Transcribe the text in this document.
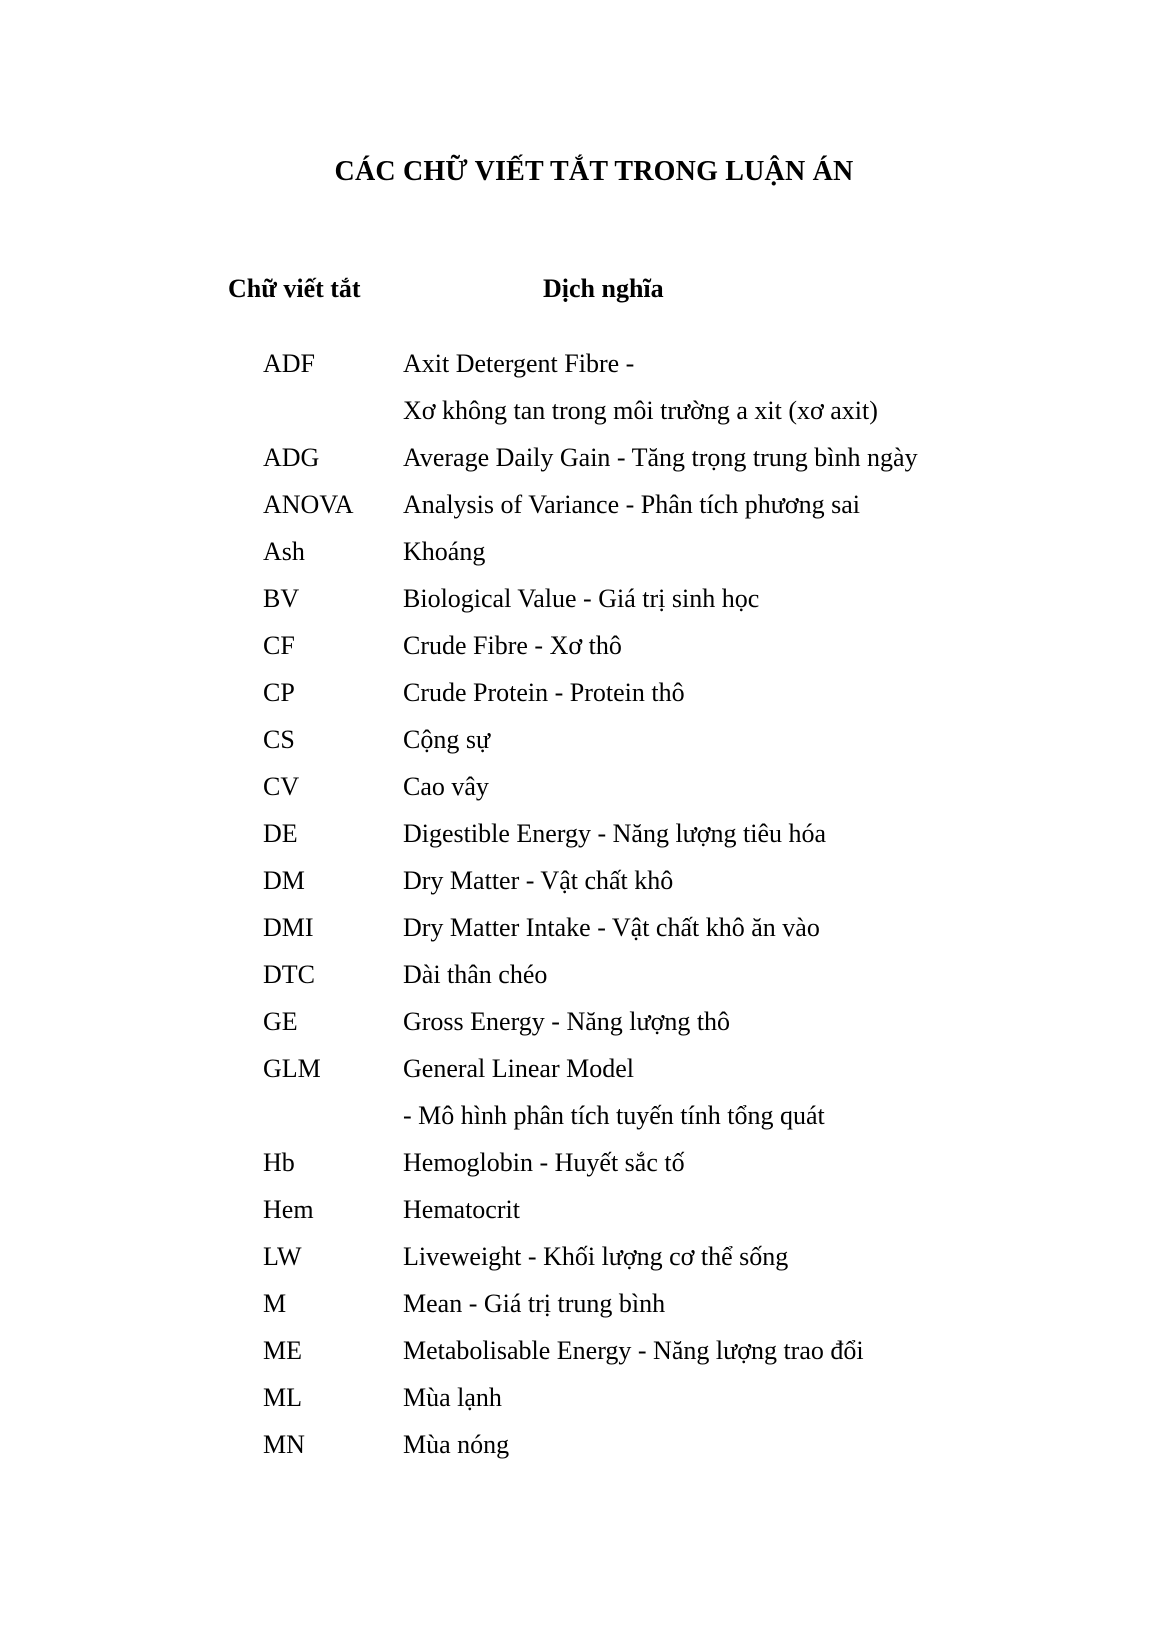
CÁC CHỮ VIẾT TẮT TRONG LUẬN ÁN
Chữ viết tắt	Dịch nghĩa
ADF	Axit Detergent Fibre -
Xơ không tan trong môi trường a xit (xơ axit)
ADG	Average Daily Gain - Tăng trọng trung bình ngày
ANOVA Analysis of Variance - Phân tích phương sai
Ash	Khoáng
BV	Biological Value - Giá trị sinh học
CF	Crude Fibre - Xơ thô
CP	Crude Protein - Protein thô
CS	Cộng sự
CV	Cao vây
DE	Digestible Energy - Năng lượng tiêu hóa
DM	Dry Matter - Vật chất khô
DMI	Dry Matter Intake - Vật chất khô ăn vào
DTC	Dài thân chéo
GE	Gross Energy - Năng lượng thô
GLM	General Linear Model
- Mô hình phân tích tuyến tính tổng quát
Hb	Hemoglobin - Huyết sắc tố
Hem	Hematocrit
LW	Liveweight - Khối lượng cơ thể sống
M	Mean - Giá trị trung bình
ME	Metabolisable Energy - Năng lượng trao đổi
ML	Mùa lạnh
MN	Mùa nóng
